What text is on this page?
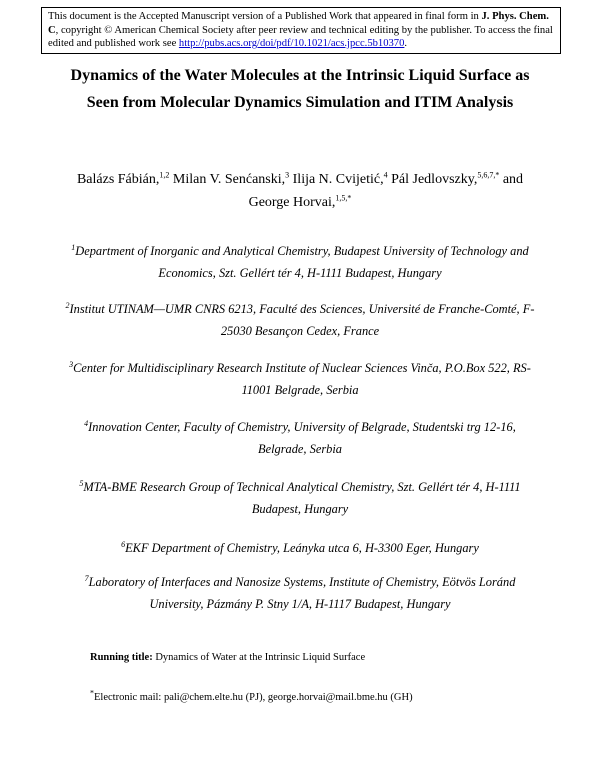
This document is the Accepted Manuscript version of a Published Work that appeared in final form in J. Phys. Chem. C, copyright © American Chemical Society after peer review and technical editing by the publisher. To access the final edited and published work see http://pubs.acs.org/doi/pdf/10.1021/acs.jpcc.5b10370.
Dynamics of the Water Molecules at the Intrinsic Liquid Surface as Seen from Molecular Dynamics Simulation and ITIM Analysis
Balázs Fábián,$^{1,2}$ Milan V. Senćanski,$^3$ Ilija N. Cvijetić,$^4$ Pál Jedlovszky,$^{5,6,7,*}$ and George Horvai,$^{1,5,*}$
$^1$Department of Inorganic and Analytical Chemistry, Budapest University of Technology and Economics, Szt. Gellért tér 4, H-1111 Budapest, Hungary
$^2$Institut UTINAM—UMR CNRS 6213, Faculté des Sciences, Université de Franche-Comté, F-25030 Besançon Cedex, France
$^3$Center for Multidisciplinary Research Institute of Nuclear Sciences Vinča, P.O.Box 522, RS-11001 Belgrade, Serbia
$^4$Innovation Center, Faculty of Chemistry, University of Belgrade, Studentski trg 12-16, Belgrade, Serbia
$^5$MTA-BME Research Group of Technical Analytical Chemistry, Szt. Gellért tér 4, H-1111 Budapest, Hungary
$^6$EKF Department of Chemistry, Leányka utca 6, H-3300 Eger, Hungary
$^7$Laboratory of Interfaces and Nanosize Systems, Institute of Chemistry, Eötvös Loránd University, Pázmány P. Stny 1/A, H-1117 Budapest, Hungary
Running title: Dynamics of Water at the Intrinsic Liquid Surface
*Electronic mail: pali@chem.elte.hu (PJ), george.horvai@mail.bme.hu (GH)
